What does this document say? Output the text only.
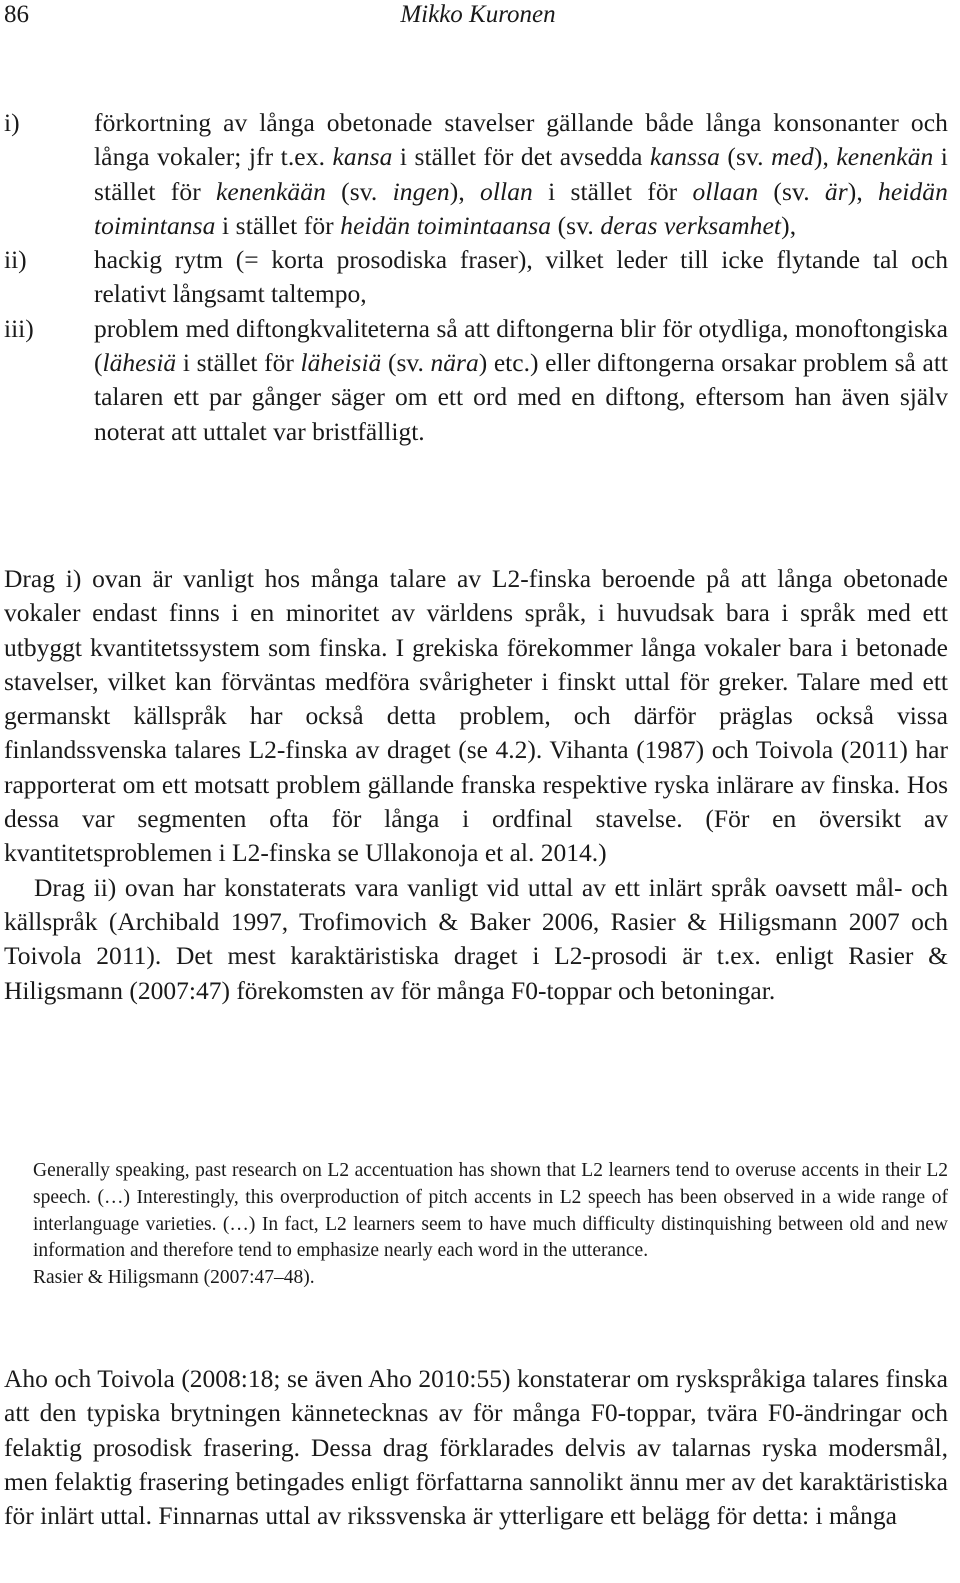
86	Mikko Kuronen
i)	förkortning av långa obetonade stavelser gällande både långa konsonanter och långa vokaler; jfr t.ex. kansa i stället för det avsedda kanssa (sv. med), kenenkän i stället för kenenkään (sv. ingen), ollan i stället för ollaan (sv. är), heidän toimintansa i stället för heidän toimintaansa (sv. deras verksamhet),
ii)	hackig rytm (= korta prosodiska fraser), vilket leder till icke flytande tal och relativt långsamt taltempo,
iii) problem med diftongkvaliteterna så att diftongerna blir för otydliga, monoftongiska (lähesiä i stället för läheisiä (sv. nära) etc.) eller diftongerna orsakar problem så att talaren ett par gånger säger om ett ord med en diftong, eftersom han även själv noterat att uttalet var bristfälligt.

Drag i) ovan är vanligt hos många talare av L2-finska beroende på att långa obetonade vokaler endast finns i en minoritet av världens språk, i huvudsak bara i språk med ett utbyggt kvantitetssystem som finska. I grekiska förekommer långa vokaler bara i betonade stavelser, vilket kan förväntas medföra svårigheter i finskt uttal för greker. Talare med ett germanskt källspråk har också detta problem, och därför präglas också vissa finlandssvenska talares L2-finska av draget (se 4.2). Vihanta (1987) och Toivola (2011) har rapporterat om ett motsatt problem gällande franska respektive ryska inlärare av finska. Hos dessa var segmenten ofta för långa i ordfinal stavelse. (För en översikt av kvantitetsproblemen i L2-finska se Ullakonoja et al. 2014.)

Drag ii) ovan har konstaterats vara vanligt vid uttal av ett inlärt språk oavsett mål- och källspråk (Archibald 1997, Trofimovich & Baker 2006, Rasier & Hiligsmann 2007 och Toivola 2011). Det mest karaktäristiska draget i L2-prosodi är t.ex. enligt Rasier & Hiligsmann (2007:47) förekomsten av för många F0-toppar och betoningar.

Generally speaking, past research on L2 accentuation has shown that L2 learners tend to overuse accents in their L2 speech. (…) Interestingly, this overproduction of pitch accents in L2 speech has been observed in a wide range of interlanguage varieties. (…) In fact, L2 learners seem to have much difficulty distinquishing between old and new information and therefore tend to emphasize nearly each word in the utterance.

Rasier & Hiligsmann (2007:47–48).

Aho och Toivola (2008:18; se även Aho 2010:55) konstaterar om ryskspråkiga talares finska att den typiska brytningen kännetecknas av för många F0-toppar, tvära F0-ändringar och felaktig prosodisk frasering. Dessa drag förklarades delvis av talarnas ryska modersmål, men felaktig frasering betingades enligt författarna sannolikt ännu mer av det karaktäristiska för inlärt uttal. Finnarnas uttal av rikssvenska är ytterligare ett belägg för detta: i många
